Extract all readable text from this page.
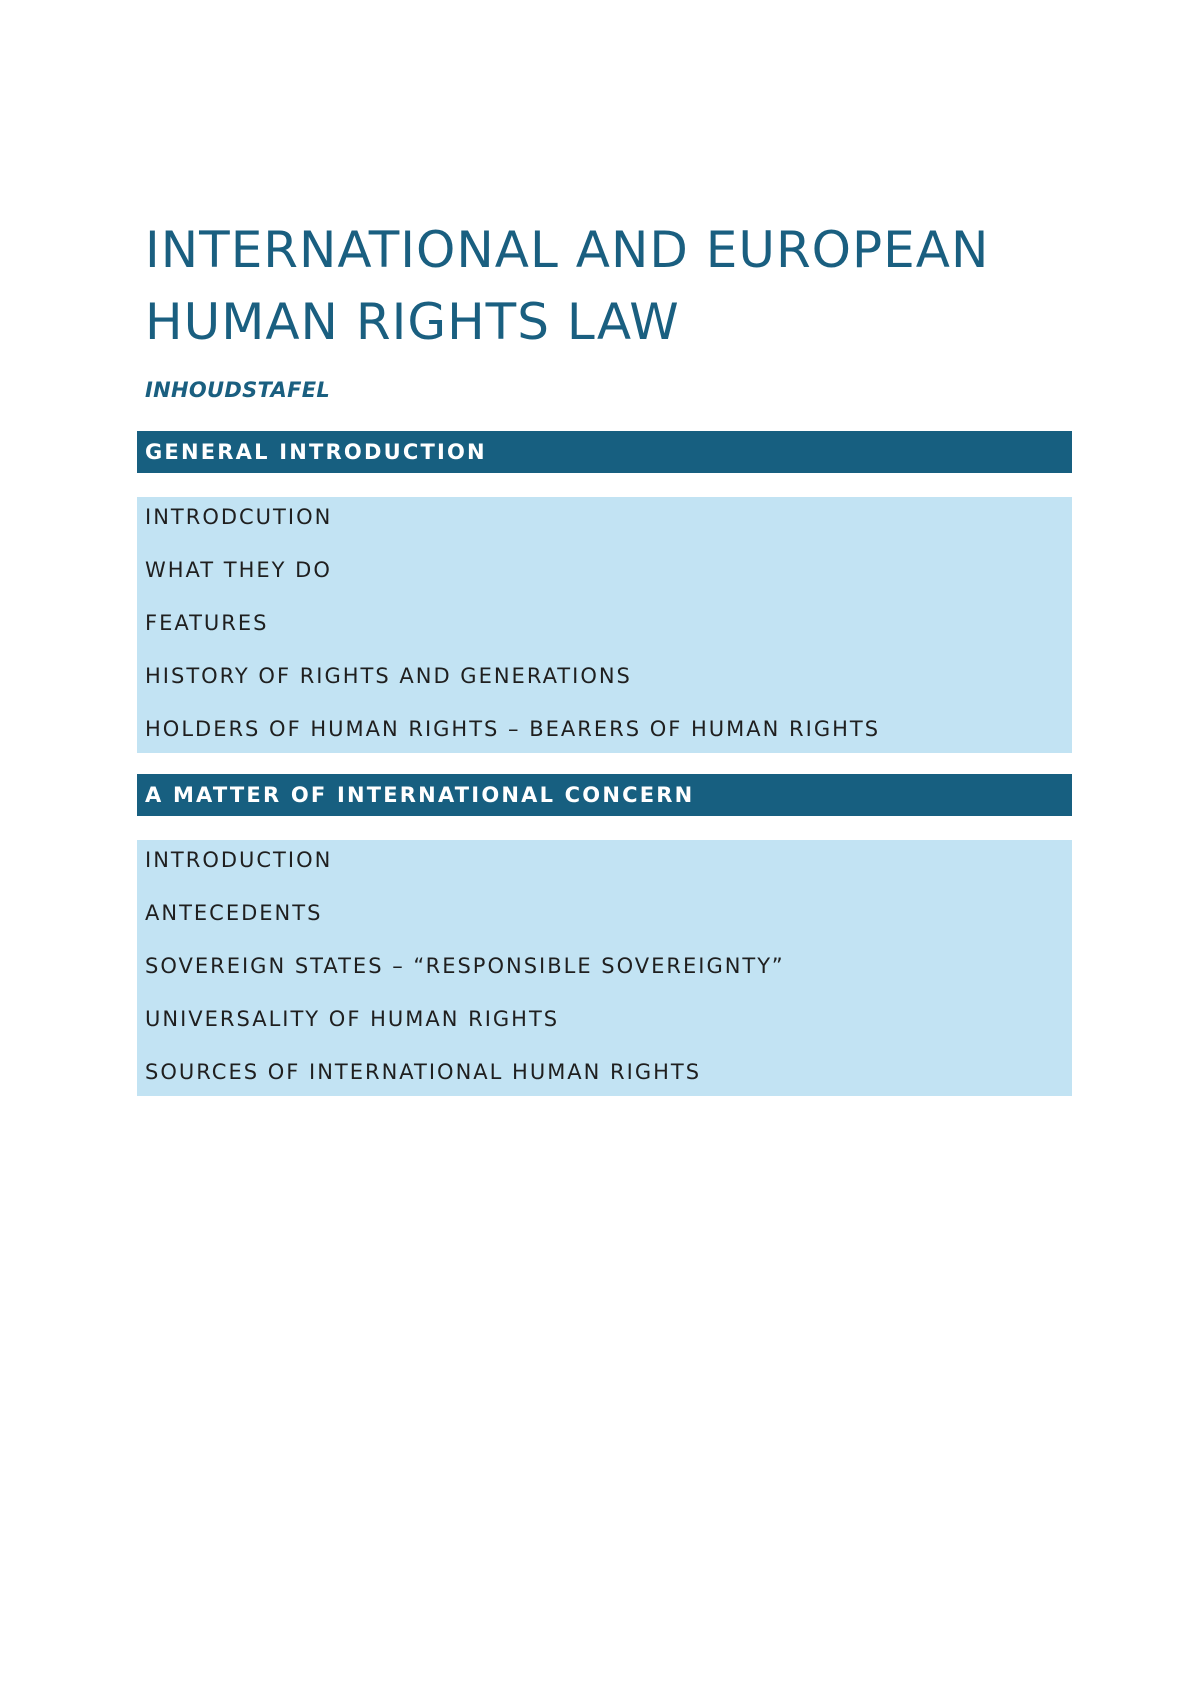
INTERNATIONAL AND EUROPEAN
HUMAN RIGHTS LAW
INHOUDSTAFEL
GENERAL INTRODUCTION
INTRODCUTION
WHAT THEY DO
FEATURES
HISTORY OF RIGHTS AND GENERATIONS
HOLDERS OF HUMAN RIGHTS – BEARERS OF HUMAN RIGHTS
A MATTER OF INTERNATIONAL CONCERN
INTRODUCTION
ANTECEDENTS
SOVEREIGN STATES – “RESPONSIBLE SOVEREIGNTY”
UNIVERSALITY OF HUMAN RIGHTS
SOURCES OF INTERNATIONAL HUMAN RIGHTS
